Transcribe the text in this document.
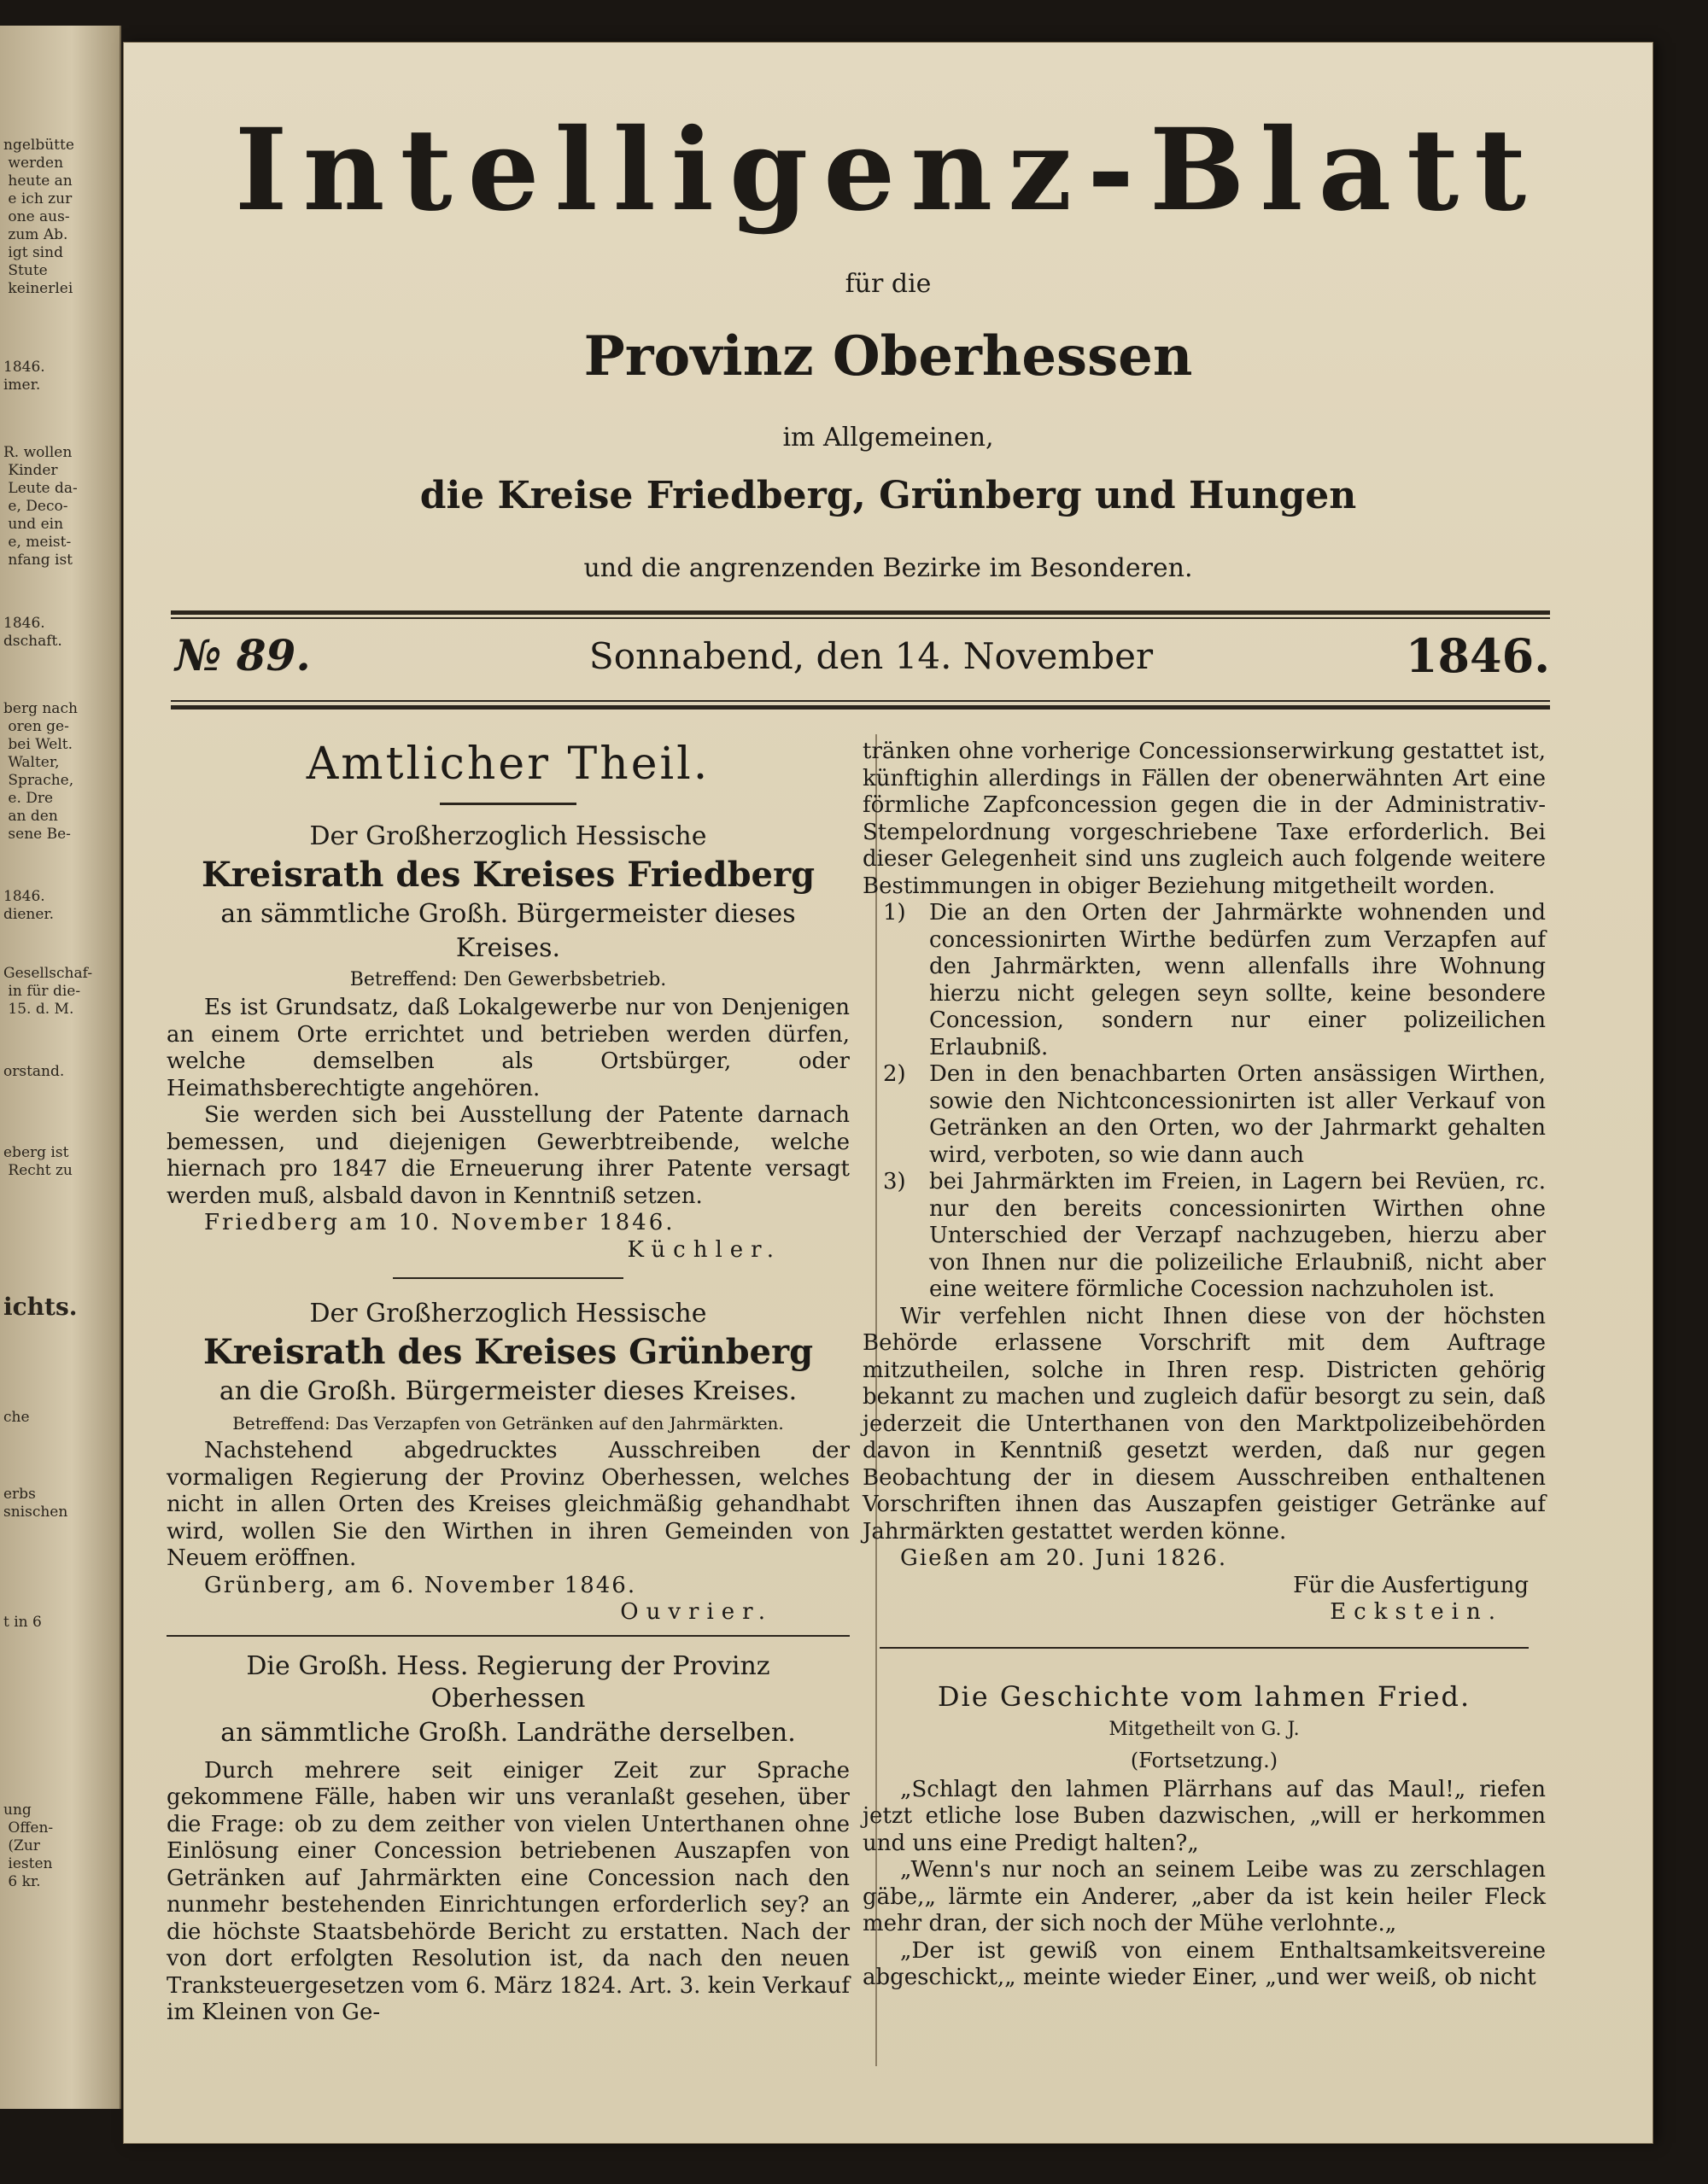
ngelbütte
werden
heute an
e ich zur
one aus-
zum Ab.
igt sind
Stute
keinerlei
1846.
imer.
R. wollen
Kinder
Leute da-
e, Deco-
und ein
e, meist-
nfang ist
1846.
dschaft.
berg nach
oren ge-
bei Welt.
Walter,
Sprache,
e. Dre
an den
sene Be-
1846.
diener.
Gesellschaf-
in für die-
15. d. M.
orstand.
eberg ist
Recht zu
ichts.
che
erbs
snischen
t in 6
ung
Offen-
(Zur
iesten
6 kr.
Intelligenz-Blatt
für die
Provinz Oberhessen
im Allgemeinen,
die Kreise Friedberg, Grünberg und Hungen
und die angrenzenden Bezirke im Besonderen.
№ 89.	Sonnabend, den 14. November	1846.
Amtlicher Theil.
Der Großherzoglich Hessische
Kreisrath des Kreises Friedberg
an sämmtliche Großh. Bürgermeister dieses Kreises.
Betreffend: Den Gewerbsbetrieb.

Es ist Grundsatz, daß Lokalgewerbe nur von Denjenigen an einem Orte errichtet und betrieben werden dürfen, welche demselben als Ortsbürger, oder Heimathsberechtigte angehören.

Sie werden sich bei Ausstellung der Patente darnach bemessen, und diejenigen Gewerbtreibende, welche hiernach pro 1847 die Erneuerung ihrer Patente versagt werden muß, alsbald davon in Kenntniß setzen.

Friedberg am 10. November 1846.
Küchler.
Der Großherzoglich Hessische
Kreisrath des Kreises Grünberg
an die Großh. Bürgermeister dieses Kreises.
Betreffend: Das Verzapfen von Getränken auf den Jahrmärkten.

Nachstehend abgedrucktes Ausschreiben der vormaligen Regierung der Provinz Oberhessen, welches nicht in allen Orten des Kreises gleichmäßig gehandhabt wird, wollen Sie den Wirthen in ihren Gemeinden von Neuem eröffnen.

Grünberg, am 6. November 1846.
Ouvrier.
Die Großh. Hess. Regierung der Provinz Oberhessen
an sämmtliche Großh. Landräthe derselben.

Durch mehrere seit einiger Zeit zur Sprache gekommene Fälle, haben wir uns veranlaßt gesehen, über die Frage: ob zu dem zeither von vielen Unterthanen ohne Einlösung einer Concession betriebenen Auszapfen von Getränken auf Jahrmärkten eine Concession nach den nunmehr bestehenden Einrichtungen erforderlich sey? an die höchste Staatsbehörde Bericht zu erstatten. Nach der von dort erfolgten Resolution ist, da nach den neuen Tranksteuergesetzen vom 6. März 1824. Art. 3. kein Verkauf im Kleinen von Ge-

tränken ohne vorherige Concessionserwirkung gestattet ist, künftighin allerdings in Fällen der obenerwähnten Art eine förmliche Zapfconcession gegen die in der Administrativ-Stempelordnung vorgeschriebene Taxe erforderlich. Bei dieser Gelegenheit sind uns zugleich auch folgende weitere Bestimmungen in obiger Beziehung mitgetheilt worden.

1)	Die an den Orten der Jahrmärkte wohnenden und concessionirten Wirthe bedürfen zum Verzapfen auf den Jahrmärkten, wenn allenfalls ihre Wohnung hierzu nicht gelegen seyn sollte, keine besondere Concession, sondern nur einer polizeilichen Erlaubniß.
2)	Den in den benachbarten Orten ansässigen Wirthen, sowie den Nichtconcessionirten ist aller Verkauf von Getränken an den Orten, wo der Jahrmarkt gehalten wird, verboten, so wie dann auch
3)	bei Jahrmärkten im Freien, in Lagern bei Revüen, rc. nur den bereits concessionirten Wirthen ohne Unterschied der Verzapf nachzugeben, hierzu aber von Ihnen nur die polizeiliche Erlaubniß, nicht aber eine weitere förmliche Cocession nachzuholen ist.

Wir verfehlen nicht Ihnen diese von der höchsten Behörde erlassene Vorschrift mit dem Auftrage mitzutheilen, solche in Ihren resp. Districten gehörig bekannt zu machen und zugleich dafür besorgt zu sein, daß jederzeit die Unterthanen von den Marktpolizeibehörden davon in Kenntniß gesetzt werden, daß nur gegen Beobachtung der in diesem Ausschreiben enthaltenen Vorschriften ihnen das Auszapfen geistiger Getränke auf Jahrmärkten gestattet werden könne.

Gießen am 20. Juni 1826.
Für die Ausfertigung
Eckstein.
Die Geschichte vom lahmen Fried.
Mitgetheilt von G. J.
(Fortsetzung.)

„Schlagt den lahmen Plärrhans auf das Maul!„ riefen jetzt etliche lose Buben dazwischen, „will er herkommen und uns eine Predigt halten?„

„Wenn's nur noch an seinem Leibe was zu zerschlagen gäbe,„ lärmte ein Anderer, „aber da ist kein heiler Fleck mehr dran, der sich noch der Mühe verlohnte.„

„Der ist gewiß von einem Enthaltsamkeitsvereine abgeschickt,„ meinte wieder Einer, „und wer weiß, ob nicht
